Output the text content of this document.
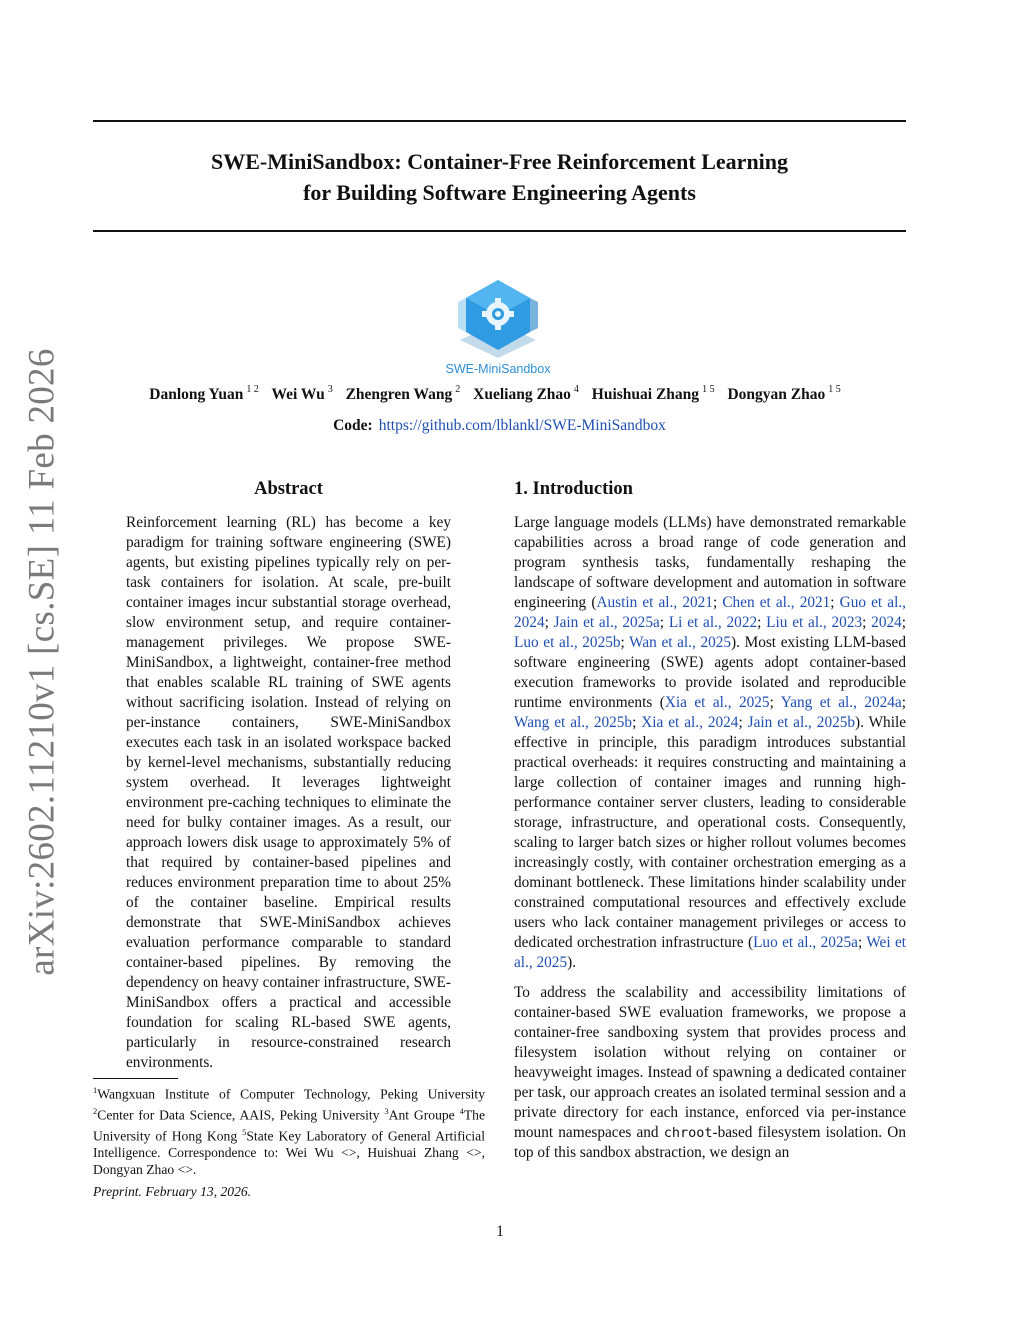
arXiv:2602.11210v1 [cs.SE] 11 Feb 2026
SWE-MiniSandbox: Container-Free Reinforcement Learning
for Building Software Engineering Agents
SWE-MiniSandbox
Danlong Yuan $^{1 2}$ Wei Wu $^3$ Zhengren Wang $^2$ Xueliang Zhao $^4$ Huishuai Zhang $^{1 5}$ Dongyan Zhao $^{1 5}$
Code: https://github.com/lblankl/SWE-MiniSandbox
Abstract
Reinforcement learning (RL) has become a key paradigm for training software engineering (SWE) agents, but existing pipelines typically rely on per-task containers for isolation. At scale, pre-built container images incur substantial storage overhead, slow environment setup, and require container-management privileges. We propose SWE-MiniSandbox, a lightweight, container-free method that enables scalable RL training of SWE agents without sacrificing isolation. Instead of relying on per-instance containers, SWE-MiniSandbox executes each task in an isolated workspace backed by kernel-level mechanisms, substantially reducing system overhead. It leverages lightweight environment pre-caching techniques to eliminate the need for bulky container images. As a result, our approach lowers disk usage to approximately 5% of that required by container-based pipelines and reduces environment preparation time to about 25% of the container baseline. Empirical results demonstrate that SWE-MiniSandbox achieves evaluation performance comparable to standard container-based pipelines. By removing the dependency on heavy container infrastructure, SWE-MiniSandbox offers a practical and accessible foundation for scaling RL-based SWE agents, particularly in resource-constrained research environments.
$^1$Wangxuan Institute of Computer Technology, Peking University $^2$Center for Data Science, AAIS, Peking University $^3$Ant Groupe $^4$The University of Hong Kong $^5$State Key Laboratory of General Artificial Intelligence. Correspondence to: Wei Wu <>, Huishuai Zhang <>, Dongyan Zhao <>.
Preprint. February 13, 2026.
1. Introduction

Large language models (LLMs) have demonstrated remarkable capabilities across a broad range of code generation and program synthesis tasks, fundamentally reshaping the landscape of software development and automation in software engineering (Austin et al., 2021; Chen et al., 2021; Guo et al., 2024; Jain et al., 2025a; Li et al., 2022; Liu et al., 2023; 2024; Luo et al., 2025b; Wan et al., 2025). Most existing LLM-based software engineering (SWE) agents adopt container-based execution frameworks to provide isolated and reproducible runtime environments (Xia et al., 2025; Yang et al., 2024a; Wang et al., 2025b; Xia et al., 2024; Jain et al., 2025b). While effective in principle, this paradigm introduces substantial practical overheads: it requires constructing and maintaining a large collection of container images and running high-performance container server clusters, leading to considerable storage, infrastructure, and operational costs. Consequently, scaling to larger batch sizes or higher rollout volumes becomes increasingly costly, with container orchestration emerging as a dominant bottleneck. These limitations hinder scalability under constrained computational resources and effectively exclude users who lack container management privileges or access to dedicated orchestration infrastructure (Luo et al., 2025a; Wei et al., 2025).

To address the scalability and accessibility limitations of container-based SWE evaluation frameworks, we propose a container-free sandboxing system that provides process and filesystem isolation without relying on container or heavyweight images. Instead of spawning a dedicated container per task, our approach creates an isolated terminal session and a private directory for each instance, enforced via per-instance mount namespaces and chroot-based filesystem isolation. On top of this sandbox abstraction, we design an

1
